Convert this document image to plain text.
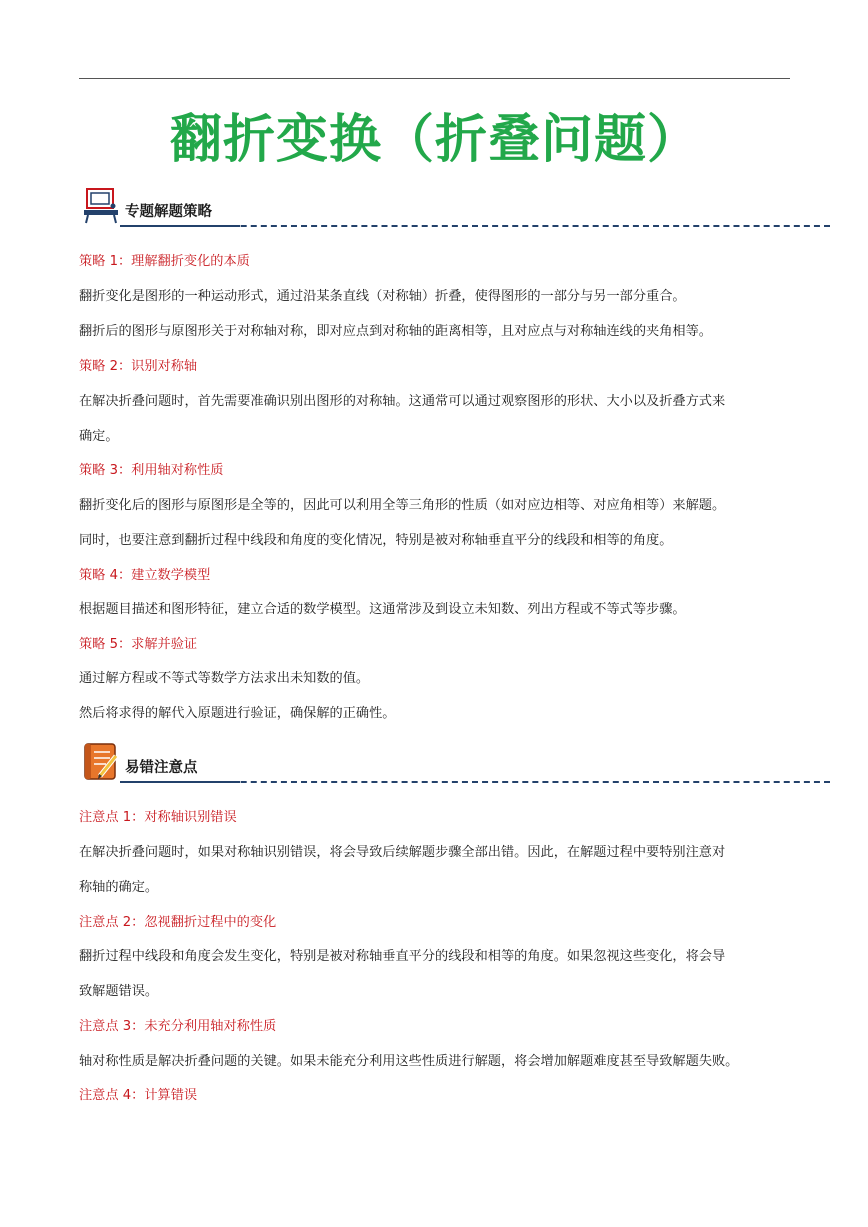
翻折变换（折叠问题）
专题解题策略

策略 1：理解翻折变化的本质

翻折变化是图形的一种运动形式，通过沿某条直线（对称轴）折叠，使得图形的一部分与另一部分重合。

翻折后的图形与原图形关于对称轴对称，即对应点到对称轴的距离相等，且对应点与对称轴连线的夹角相等。

策略 2：识别对称轴

在解决折叠问题时，首先需要准确识别出图形的对称轴。这通常可以通过观察图形的形状、大小以及折叠方式来

确定。

策略 3：利用轴对称性质

翻折变化后的图形与原图形是全等的，因此可以利用全等三角形的性质（如对应边相等、对应角相等）来解题。

同时，也要注意到翻折过程中线段和角度的变化情况，特别是被对称轴垂直平分的线段和相等的角度。

策略 4：建立数学模型

根据题目描述和图形特征，建立合适的数学模型。这通常涉及到设立未知数、列出方程或不等式等步骤。

策略 5：求解并验证

通过解方程或不等式等数学方法求出未知数的值。

然后将求得的解代入原题进行验证，确保解的正确性。

易错注意点

注意点 1：对称轴识别错误

在解决折叠问题时，如果对称轴识别错误，将会导致后续解题步骤全部出错。因此，在解题过程中要特别注意对

称轴的确定。

注意点 2：忽视翻折过程中的变化

翻折过程中线段和角度会发生变化，特别是被对称轴垂直平分的线段和相等的角度。如果忽视这些变化，将会导

致解题错误。

注意点 3：未充分利用轴对称性质

轴对称性质是解决折叠问题的关键。如果未能充分利用这些性质进行解题，将会增加解题难度甚至导致解题失败。

注意点 4：计算错误
